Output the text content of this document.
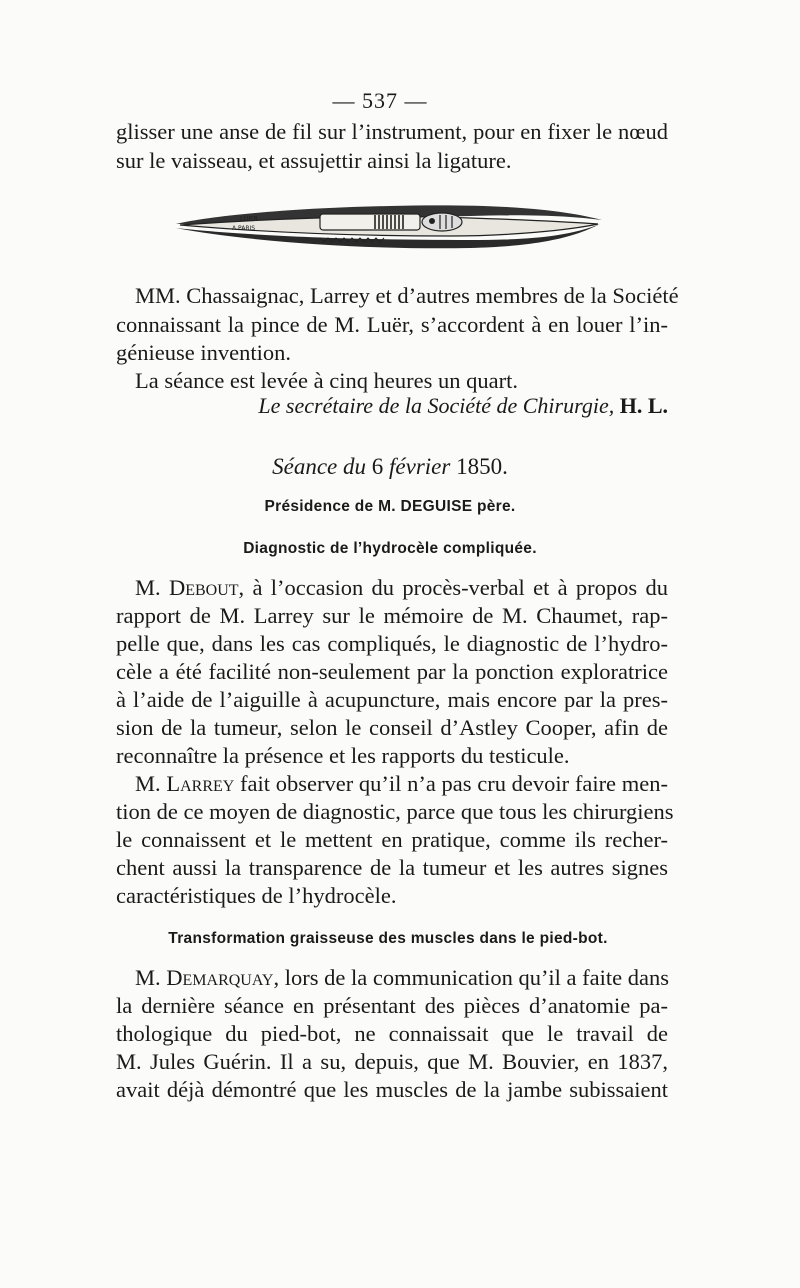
— 537 —
glisser une anse de fil sur l’instrument, pour en fixer le nœud
sur le vaisseau, et assujettir ainsi la ligature.
LUER
A PARIS
MM. Chassaignac, Larrey et d’autres membres de la Société
connaissant la pince de M. Luër, s’accordent à en louer l’in-
génieuse invention.
La séance est levée à cinq heures un quart.
Le secrétaire de la Société de Chirurgie, H. L.
Séance du 6 février 1850.
Présidence de M. DEGUISE père.
Diagnostic de l’hydrocèle compliquée.
M. Debout, à l’occasion du procès-verbal et à propos du
rapport de M. Larrey sur le mémoire de M. Chaumet, rap-
pelle que, dans les cas compliqués, le diagnostic de l’hydro-
cèle a été facilité non-seulement par la ponction exploratrice
à l’aide de l’aiguille à acupuncture, mais encore par la pres-
sion de la tumeur, selon le conseil d’Astley Cooper, afin de
reconnaître la présence et les rapports du testicule.
M. Larrey fait observer qu’il n’a pas cru devoir faire men-
tion de ce moyen de diagnostic, parce que tous les chirurgiens
le connaissent et le mettent en pratique, comme ils recher-
chent aussi la transparence de la tumeur et les autres signes
caractéristiques de l’hydrocèle.
Transformation graisseuse des muscles dans le pied-bot.
M. Demarquay, lors de la communication qu’il a faite dans
la dernière séance en présentant des pièces d’anatomie pa-
thologique du pied-bot, ne connaissait que le travail de
M. Jules Guérin. Il a su, depuis, que M. Bouvier, en 1837,
avait déjà démontré que les muscles de la jambe subissaient
